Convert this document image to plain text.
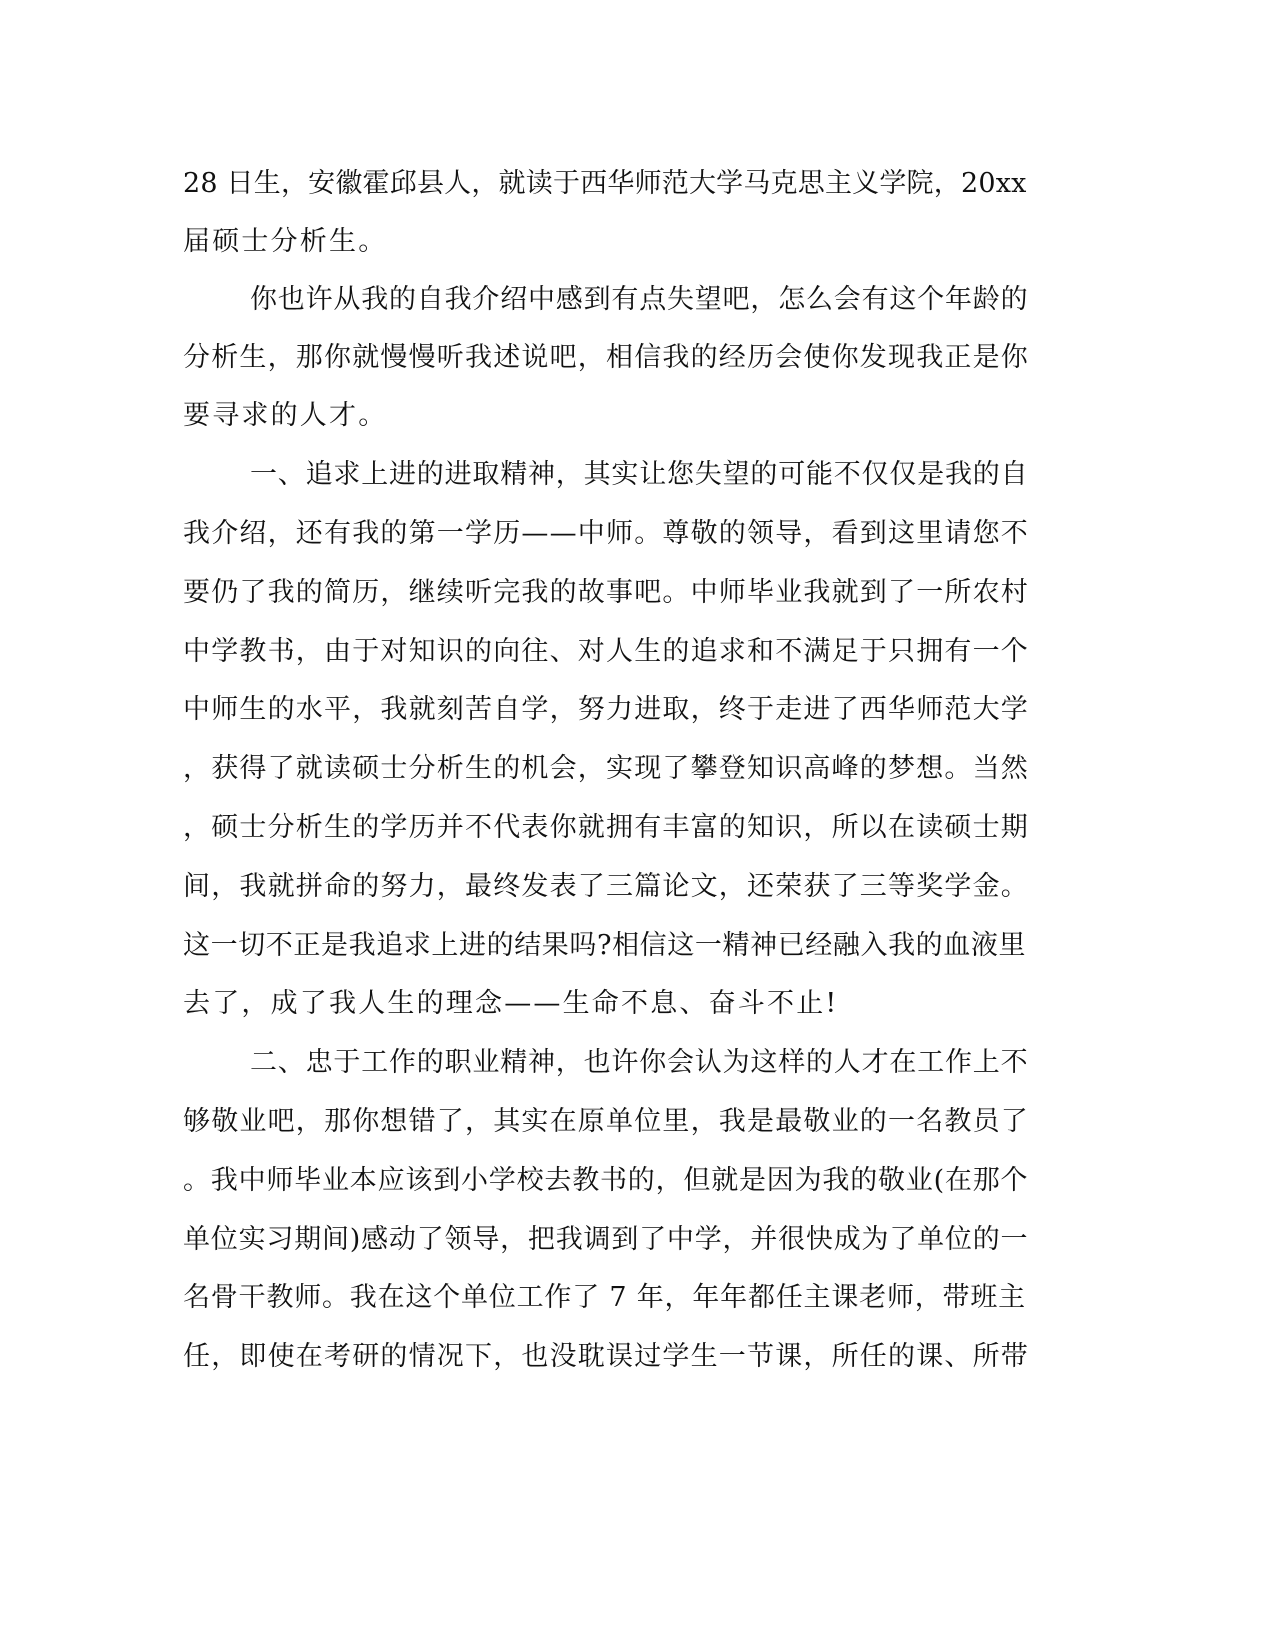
28 日生，安徽霍邱县人，就读于西华师范大学马克思主义学院，20xx
届硕士分析生。
你也许从我的自我介绍中感到有点失望吧，怎么会有这个年龄的
分析生，那你就慢慢听我述说吧，相信我的经历会使你发现我正是你
要寻求的人才。
一、追求上进的进取精神，其实让您失望的可能不仅仅是我的自
我介绍，还有我的第一学历——中师。尊敬的领导，看到这里请您不
要仍了我的简历，继续听完我的故事吧。中师毕业我就到了一所农村
中学教书，由于对知识的向往、对人生的追求和不满足于只拥有一个
中师生的水平，我就刻苦自学，努力进取，终于走进了西华师范大学
，获得了就读硕士分析生的机会，实现了攀登知识高峰的梦想。当然
，硕士分析生的学历并不代表你就拥有丰富的知识，所以在读硕士期
间，我就拼命的努力，最终发表了三篇论文，还荣获了三等奖学金。
这一切不正是我追求上进的结果吗?相信这一精神已经融入我的血液里
去了，成了我人生的理念——生命不息、奋斗不止!
二、忠于工作的职业精神，也许你会认为这样的人才在工作上不
够敬业吧，那你想错了，其实在原单位里，我是最敬业的一名教员了
。我中师毕业本应该到小学校去教书的，但就是因为我的敬业(在那个
单位实习期间)感动了领导，把我调到了中学，并很快成为了单位的一
名骨干教师。我在这个单位工作了 7 年，年年都任主课老师，带班主
任，即使在考研的情况下，也没耽误过学生一节课，所任的课、所带
